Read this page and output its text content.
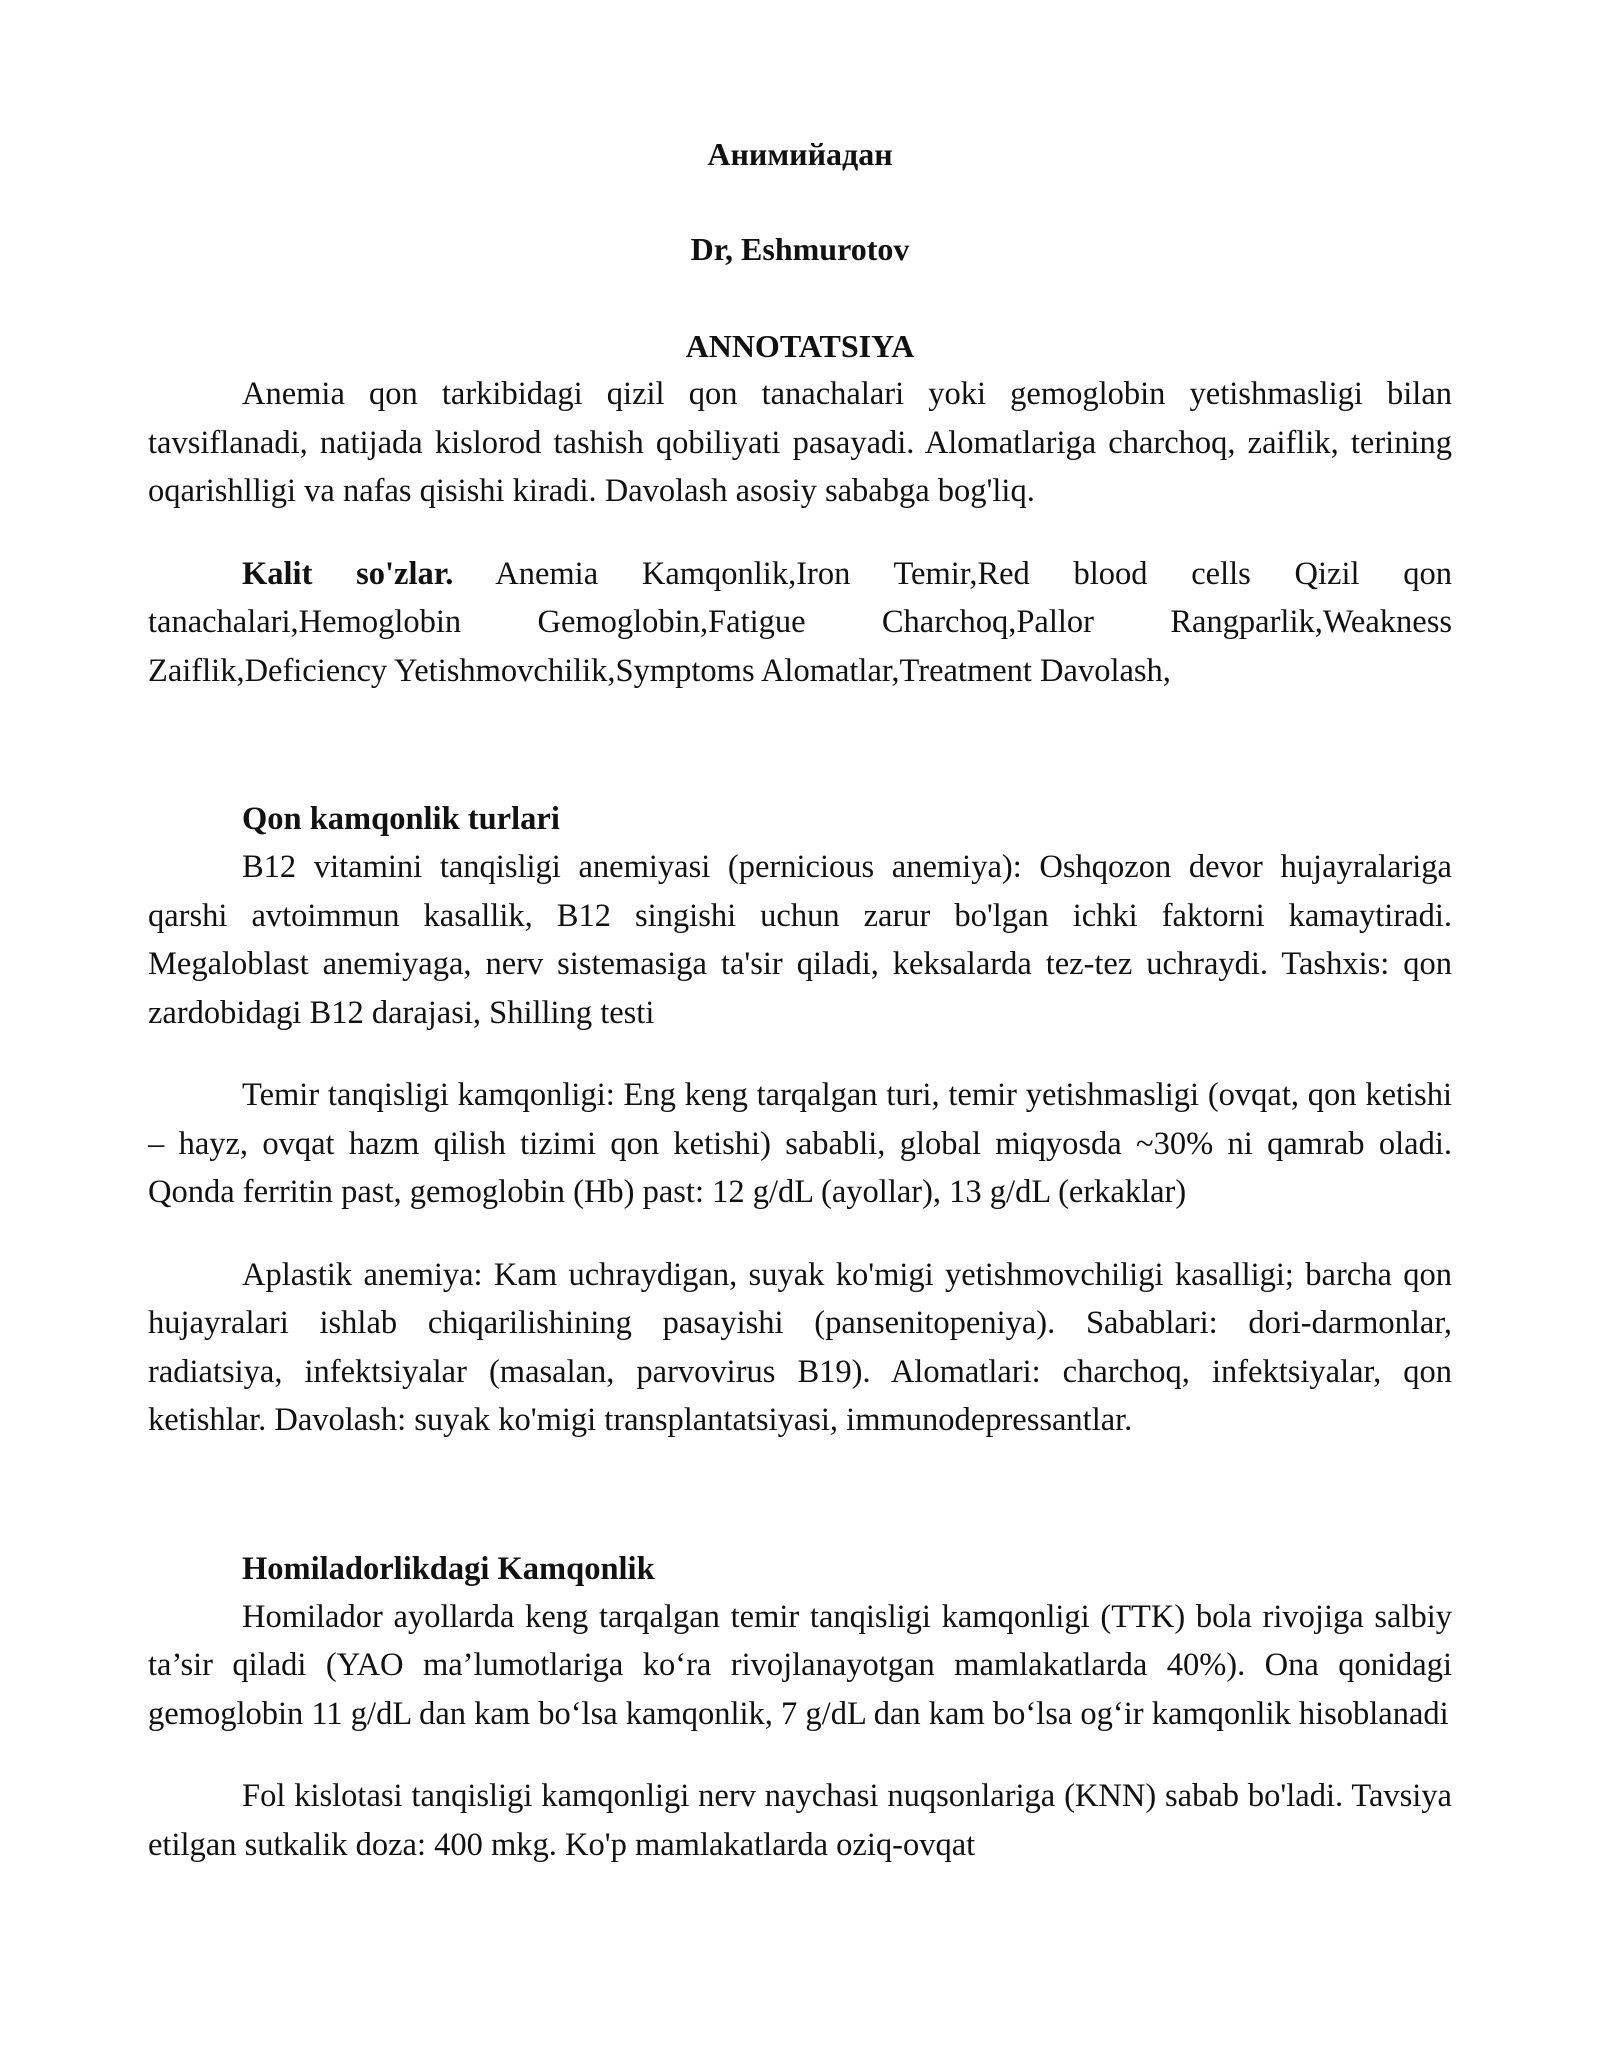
Анимийадан
Dr, Eshmurotov
ANNOTATSIYA

Anemia qon tarkibidagi qizil qon tanachalari yoki gemoglobin yetishmasligi bilan tavsiflanadi, natijada kislorod tashish qobiliyati pasayadi. Alomatlariga charchoq, zaiflik, terining oqarishlligi va nafas qisishi kiradi. Davolash asosiy sababga bog'liq.

Kalit so'zlar. Anemia Kamqonlik,Iron Temir,Red blood cells Qizil qon tanachalari,Hemoglobin Gemoglobin,Fatigue Charchoq,Pallor Rangparlik,Weakness Zaiflik,Deficiency Yetishmovchilik,Symptoms Alomatlar,Treatment Davolash,

Qon kamqonlik turlari

B12 vitamini tanqisligi anemiyasi (pernicious anemiya): Oshqozon devor hujayralariga qarshi avtoimmun kasallik, B12 singishi uchun zarur bo'lgan ichki faktorni kamaytiradi. Megaloblast anemiyaga, nerv sistemasiga ta'sir qiladi, keksalarda tez-tez uchraydi. Tashxis: qon zardobidagi B12 darajasi, Shilling testi

Temir tanqisligi kamqonligi: Eng keng tarqalgan turi, temir yetishmasligi (ovqat, qon ketishi – hayz, ovqat hazm qilish tizimi qon ketishi) sababli, global miqyosda ~30% ni qamrab oladi. Qonda ferritin past, gemoglobin (Hb) past: 12 g/dL (ayollar), 13 g/dL (erkaklar)

Aplastik anemiya: Kam uchraydigan, suyak ko'migi yetishmovchiligi kasalligi; barcha qon hujayralari ishlab chiqarilishining pasayishi (pansenitopeniya). Sabablari: dori-darmonlar, radiatsiya, infektsiyalar (masalan, parvovirus B19). Alomatlari: charchoq, infektsiyalar, qon ketishlar. Davolash: suyak ko'migi transplantatsiyasi, immunodepressantlar.

Homiladorlikdagi Kamqonlik

Homilador ayollarda keng tarqalgan temir tanqisligi kamqonligi (TTK) bola rivojiga salbiy ta’sir qiladi (YAO ma’lumotlariga ko‘ra rivojlanayotgan mamlakatlarda 40%). Ona qonidagi gemoglobin 11 g/dL dan kam bo‘lsa kamqonlik, 7 g/dL dan kam bo‘lsa og‘ir kamqonlik hisoblanadi

Fol kislotasi tanqisligi kamqonligi nerv naychasi nuqsonlariga (KNN) sabab bo'ladi. Tavsiya etilgan sutkalik doza: 400 mkg. Ko'p mamlakatlarda oziq-ovqat
